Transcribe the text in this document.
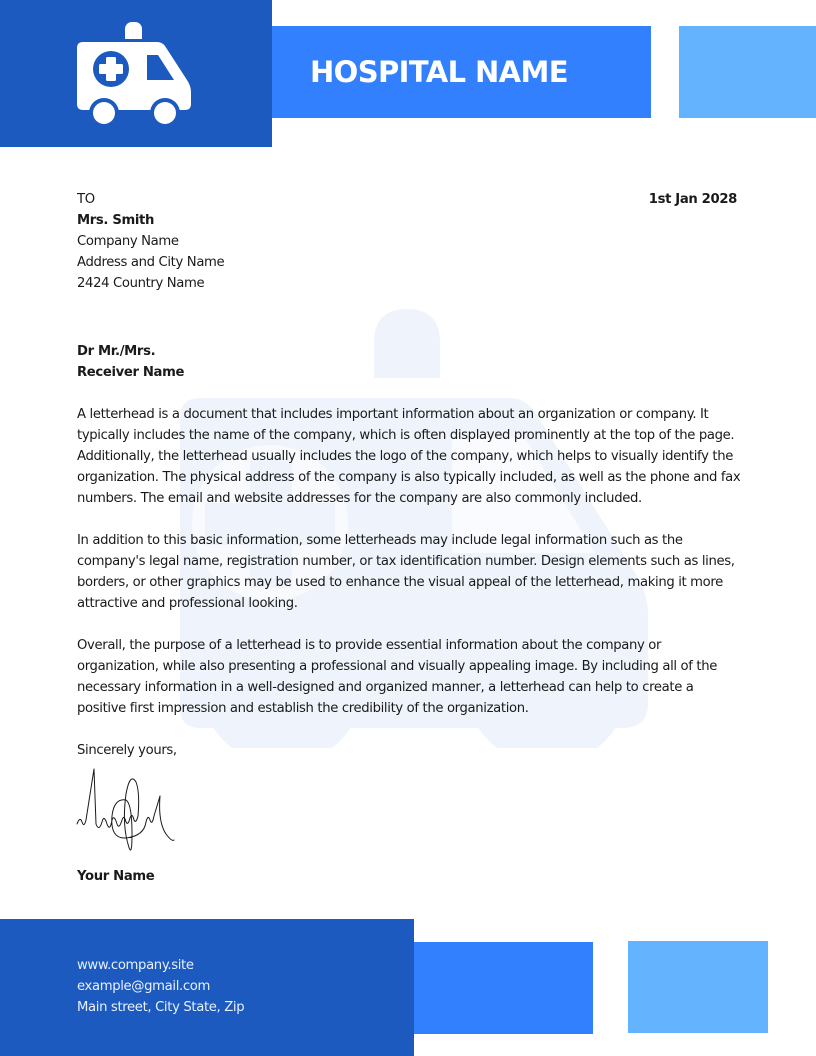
HOSPITAL NAME
TO
Mrs. Smith
Company Name
Address and City Name
2424 Country Name
1st Jan 2028
Dr Mr./Mrs.
Receiver Name

A letterhead is a document that includes important information about an organization or company. It typically includes the name of the company, which is often displayed prominently at the top of the page. Additionally, the letterhead usually includes the logo of the company, which helps to visually identify the organization. The physical address of the company is also typically included, as well as the phone and fax numbers. The email and website addresses for the company are also commonly included.

In addition to this basic information, some letterheads may include legal information such as the company's legal name, registration number, or tax identification number. Design elements such as lines, borders, or other graphics may be used to enhance the visual appeal of the letterhead, making it more attractive and professional looking.

Overall, the purpose of a letterhead is to provide essential information about the company or organization, while also presenting a professional and visually appealing image. By including all of the necessary information in a well-designed and organized manner, a letterhead can help to create a positive first impression and establish the credibility of the organization.

Sincerely yours,
Your Name
www.company.site
example@gmail.com
Main street, City State, Zip
